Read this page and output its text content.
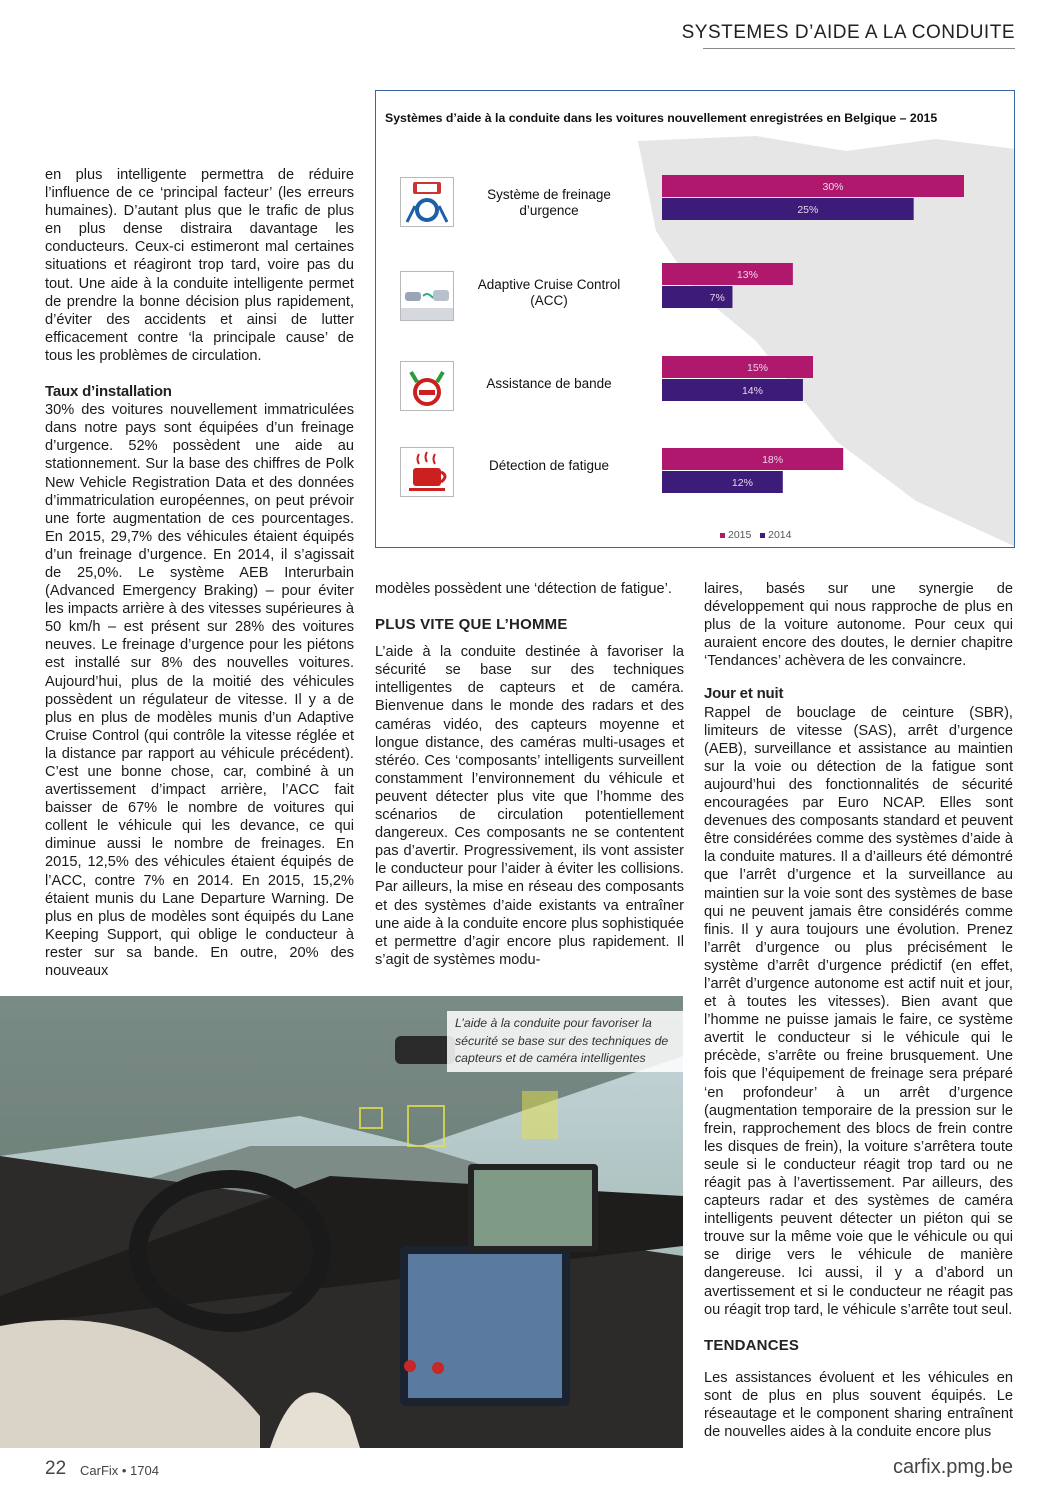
SYSTEMES D’AIDE A LA CONDUITE

en plus intelligente permettra de réduire l’influence de ce ‘principal facteur’ (les erreurs humaines). D’autant plus que le trafic de plus en plus dense distraira davantage les conducteurs. Ceux-ci estimeront mal certaines situations et réagiront trop tard, voire pas du tout. Une aide à la conduite intelligente permet de prendre la bonne décision plus rapidement, d’éviter des accidents et ainsi de lutter efficacement contre ‘la principale cause’ de tous les problèmes de circulation.

Taux d’installation

30% des voitures nouvellement immatriculées dans notre pays sont équipées d’un freinage d’urgence. 52% possèdent une aide au stationnement. Sur la base des chiffres de Polk New Vehicle Registration Data et des données d’immatriculation européennes, on peut prévoir une forte augmentation de ces pourcentages. En 2015, 29,7% des véhicules étaient équipés d’un freinage d’urgence. En 2014, il s’agissait de 25,0%. Le système AEB Interurbain (Advanced Emergency Braking) – pour éviter les impacts arrière à des vitesses supérieures à 50 km/h – est présent sur 28% des voitures neuves. Le freinage d’urgence pour les piétons est installé sur 8% des nouvelles voitures. Aujourd’hui, plus de la moitié des véhicules possèdent un régulateur de vitesse. Il y a de plus en plus de modèles munis d’un Adaptive Cruise Control (qui contrôle la vitesse réglée et la distance par rapport au véhicule précédent). C’est une bonne chose, car, combiné à un avertissement d’impact arrière, l’ACC fait baisser de 67% le nombre de voitures qui collent le véhicule qui les devance, ce qui diminue aussi le nombre de freinages. En 2015, 12,5% des véhicules étaient équipés de l’ACC, contre 7% en 2014. En 2015, 15,2% étaient munis du Lane Departure Warning. De plus en plus de modèles sont équipés du Lane Keeping Support, qui oblige le conducteur à rester sur sa bande. En outre, 20% des nouveaux

30%
25%
13%
7%
15%
14%
18%
12%
Systèmes d’aide à la conduite dans les voitures nouvellement enregistrées en Belgique – 2015
Système de freinage d’urgence
Adaptive Cruise Control (ACC)
Assistance de bande
Détection de fatigue
2015 2014

modèles possèdent une ‘détection de fatigue’.

PLUS VITE QUE L’HOMME

L’aide à la conduite destinée à favoriser la sécurité se base sur des techniques intelligentes de capteurs et de caméra. Bienvenue dans le monde des radars et des caméras vidéo, des capteurs moyenne et longue distance, des caméras multi-usages et stéréo. Ces ‘composants’ intelligents surveillent constamment l’environnement du véhicule et peuvent détecter plus vite que l’homme des scénarios de circulation potentiellement dangereux. Ces composants ne se contentent pas d’avertir. Progressivement, ils vont assister le conducteur pour l’aider à éviter les collisions. Par ailleurs, la mise en réseau des composants et des systèmes d’aide existants va entraîner une aide à la conduite encore plus sophistiquée et permettre d’agir encore plus rapidement. Il s’agit de systèmes modu-

laires, basés sur une synergie de développement qui nous rapproche de plus en plus de la voiture autonome. Pour ceux qui auraient encore des doutes, le dernier chapitre ‘Tendances’ achèvera de les convaincre.

Jour et nuit

Rappel de bouclage de ceinture (SBR), limiteurs de vitesse (SAS), arrêt d’urgence (AEB), surveillance et assistance au maintien sur la voie ou détection de la fatigue sont aujourd’hui des fonctionnalités de sécurité encouragées par Euro NCAP. Elles sont devenues des composants standard et peuvent être considérées comme des systèmes d’aide à la conduite matures. Il a d’ailleurs été démontré que l’arrêt d’urgence et la surveillance au maintien sur la voie sont des systèmes de base qui ne peuvent jamais être considérés comme finis. Il y aura toujours une évolution. Prenez l’arrêt d’urgence ou plus précisément le système d’arrêt d’urgence prédictif (en effet, l’arrêt d’urgence autonome est actif nuit et jour, et à toutes les vitesses). Bien avant que l’homme ne puisse jamais le faire, ce système avertit le conducteur si le véhicule qui le précède, s’arrête ou freine brusquement. Une fois que l’équipement de freinage sera préparé ‘en profondeur’ à un arrêt d’urgence (augmentation temporaire de la pression sur le frein, rapprochement des blocs de frein contre les disques de frein), la voiture s’arrêtera toute seule si le conducteur réagit trop tard ou ne réagit pas à l’avertissement. Par ailleurs, des capteurs radar et des systèmes de caméra intelligents peuvent détecter un piéton qui se trouve sur la même voie que le véhicule ou qui se dirige vers le véhicule de manière dangereuse. Ici aussi, il y a d’abord un avertissement et si le conducteur ne réagit pas ou réagit trop tard, le véhicule s’arrête tout seul.

TENDANCES

Les assistances évoluent et les véhicules en sont de plus en plus souvent équipés. Le réseautage et le component sharing entraînent de nouvelles aides à la conduite encore plus

L’aide à la conduite pour favoriser la sécurité se base sur des techniques de capteurs et de caméra intelligentes
22 CarFix • 1704	carfix.pmg.be
